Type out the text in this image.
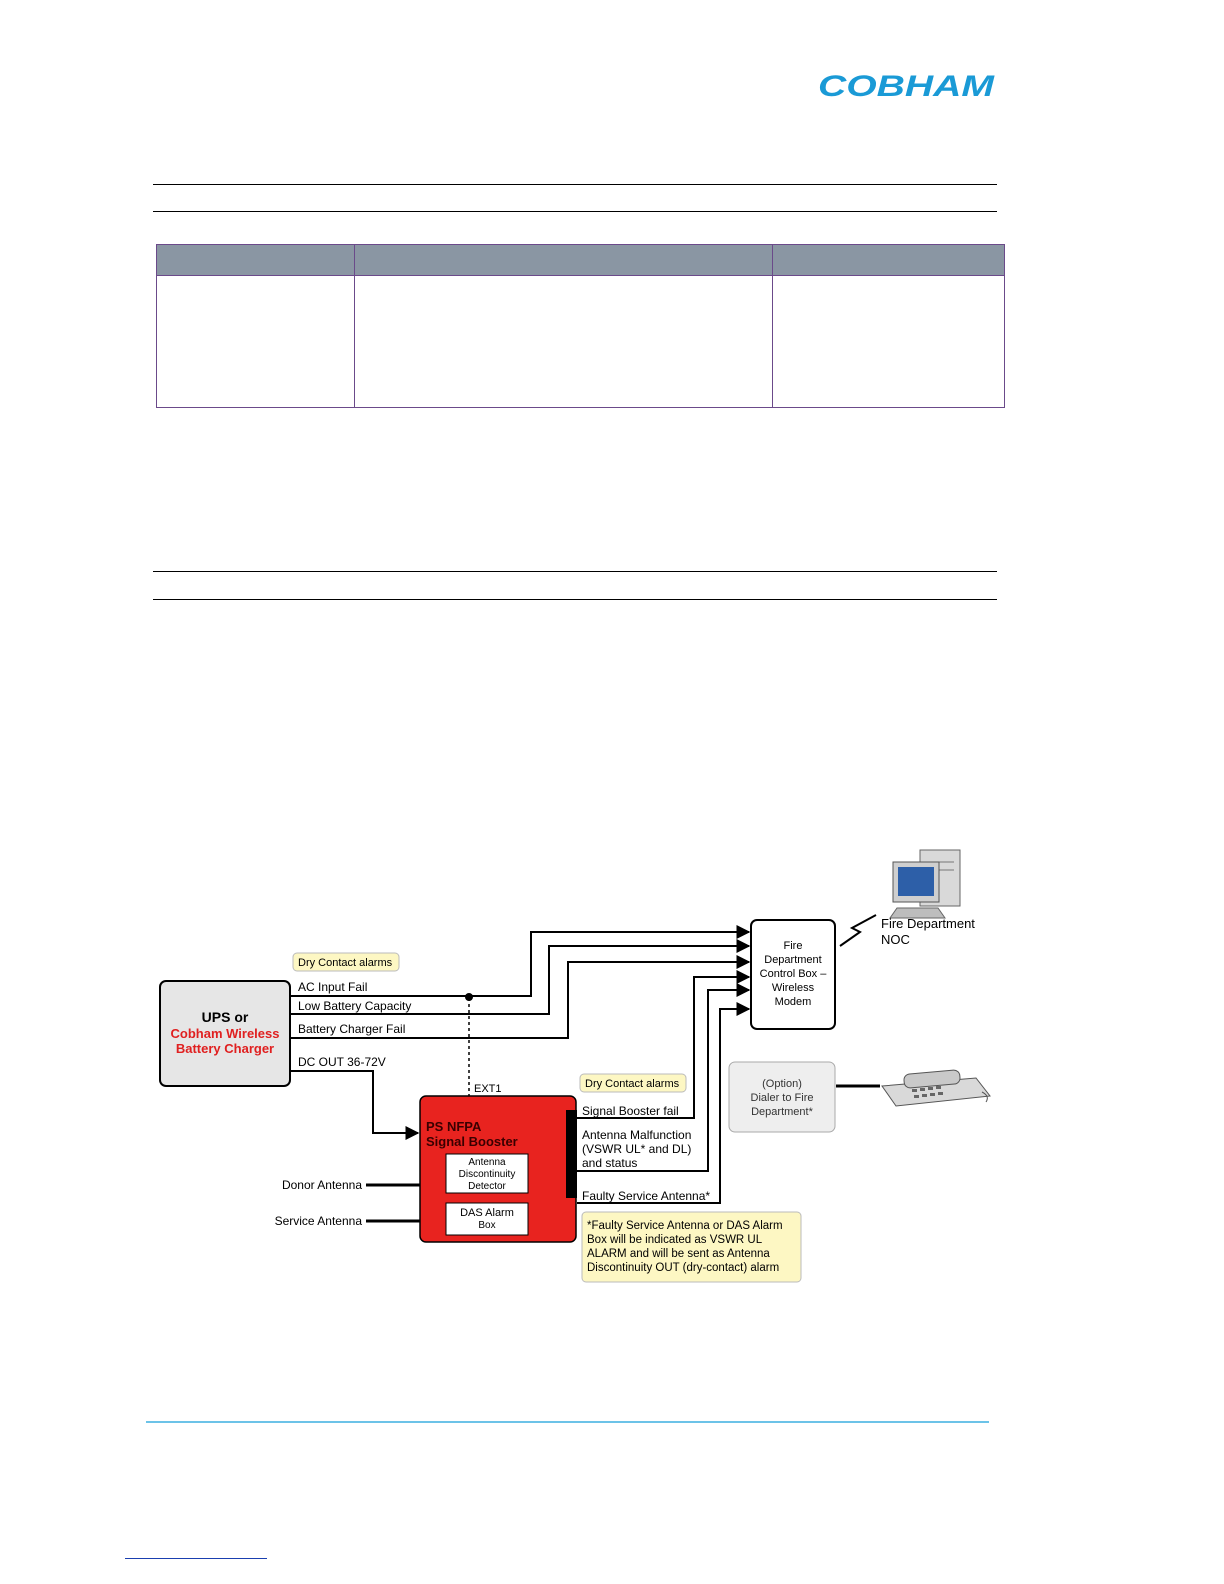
COBHAM

Dry Contact alarms
Dry Contact alarms
UPS or
Cobham Wireless
Battery Charger
AC Input Fail
Low Battery Capacity
Battery Charger Fail
DC OUT 36-72V
EXT1
PS NFPA
Signal Booster
Antenna
Discontinuity
Detector
DAS Alarm
Box
Donor Antenna
Service Antenna
Signal Booster fail
Antenna Malfunction
(VSWR UL* and DL)
and status
Faulty Service Antenna*
Fire
Department
Control Box –
Wireless
Modem
Fire Department
NOC
(Option)
Dialer to Fire
Department*
*Faulty Service Antenna or DAS Alarm
Box will be indicated as VSWR UL
ALARM and will be sent as Antenna
Discontinuity OUT (dry-contact) alarm
